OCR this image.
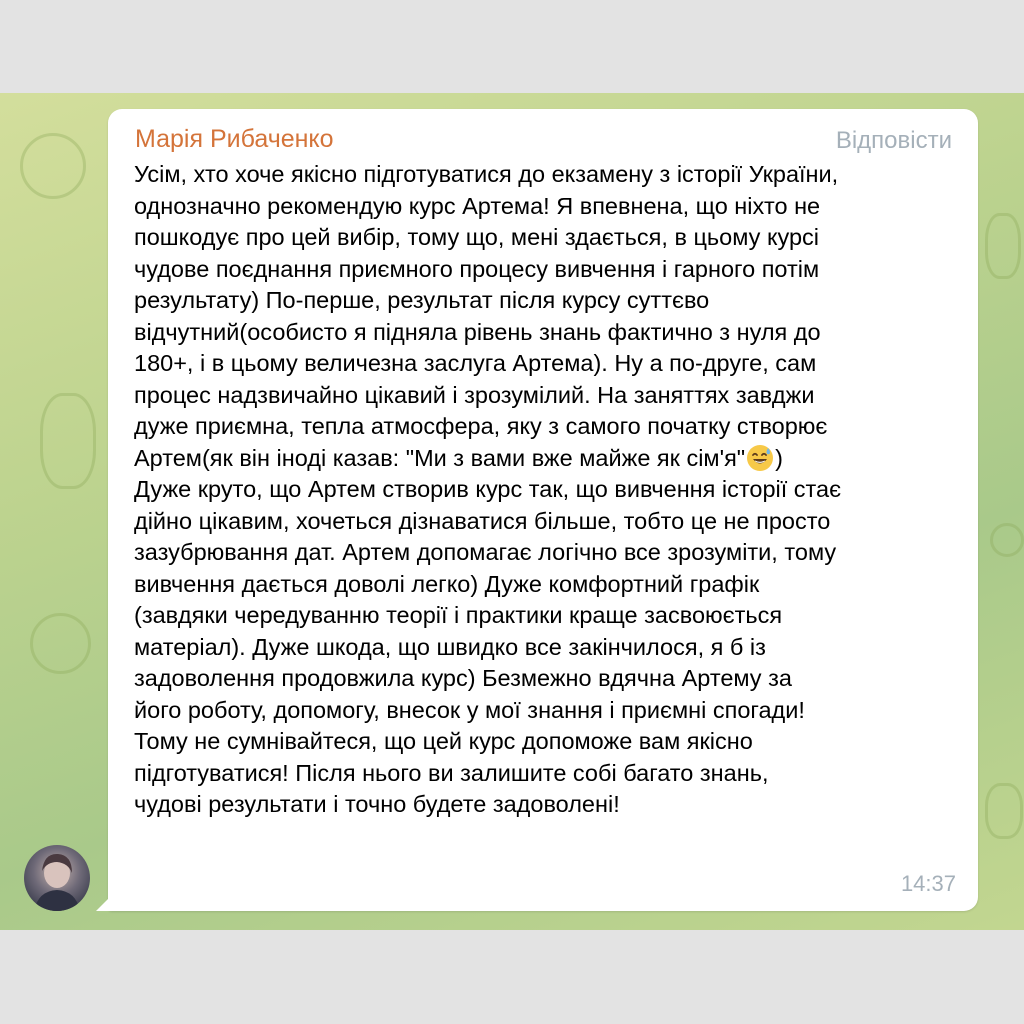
Марія Рибаченко	Відповісти
Усім, хто хоче якісно підготуватися до екзамену з історії України,
однозначно рекомендую курс Артема! Я впевнена, що ніхто не
пошкодує про цей вибір, тому що, мені здається, в цьому курсі
чудове поєднання приємного процесу вивчення і гарного потім
результату) По-перше, результат після курсу суттєво
відчутний(особисто я підняла рівень знань фактично з нуля до
180+, і в цьому величезна заслуга Артема). Ну а по-друге, сам
процес надзвичайно цікавий і зрозумілий. На заняттях завджи
дуже приємна, тепла атмосфера, яку з самого початку створює
Артем(як він іноді казав: "Ми з вами вже майже як сім'я" )
Дуже круто, що Артем створив курс так, що вивчення історії стає
дійно цікавим, хочеться дізнаватися більше, тобто це не просто
зазубрювання дат. Артем допомагає логічно все зрозуміти, тому
вивчення дається доволі легко) Дуже комфортний графік
(завдяки чередуванню теорії і практики краще засвоюється
матеріал). Дуже шкода, що швидко все закінчилося, я б із
задоволення продовжила курс) Безмежно вдячна Артему за
його роботу, допомогу, внесок у мої знання і приємні спогади!
Тому не сумнівайтеся, що цей курс допоможе вам якісно
підготуватися! Після нього ви залишите собі багато знань,
чудові результати і точно будете задоволені!
14:37
